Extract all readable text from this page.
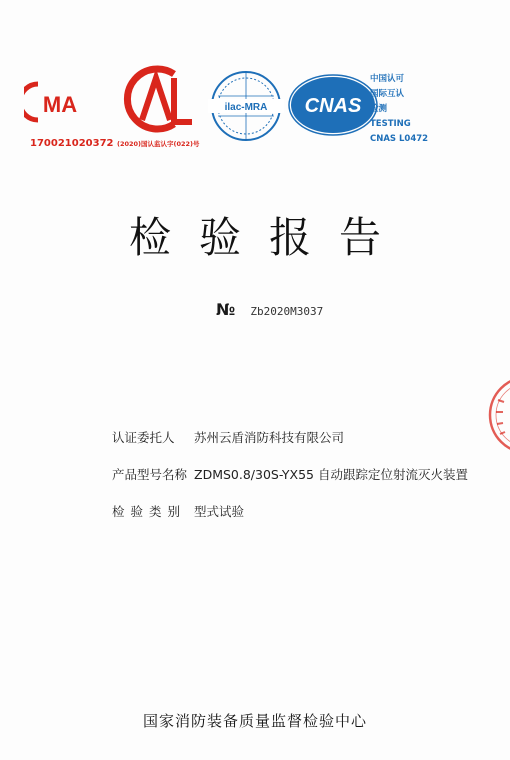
MA	ilac-MRA CNAS
170021020372 (2020)国认监认字(022)号
中国认可
国际互认
检测
TESTING
CNAS L0472
检验报告
№ Zb2020M3037
认证委托人	苏州云盾消防科技有限公司
产品型号名称 ZDMS0.8/30S-YX55 自动跟踪定位射流灭火装置
检验类别 型式试验
国家消防装备质量监督检验中心
